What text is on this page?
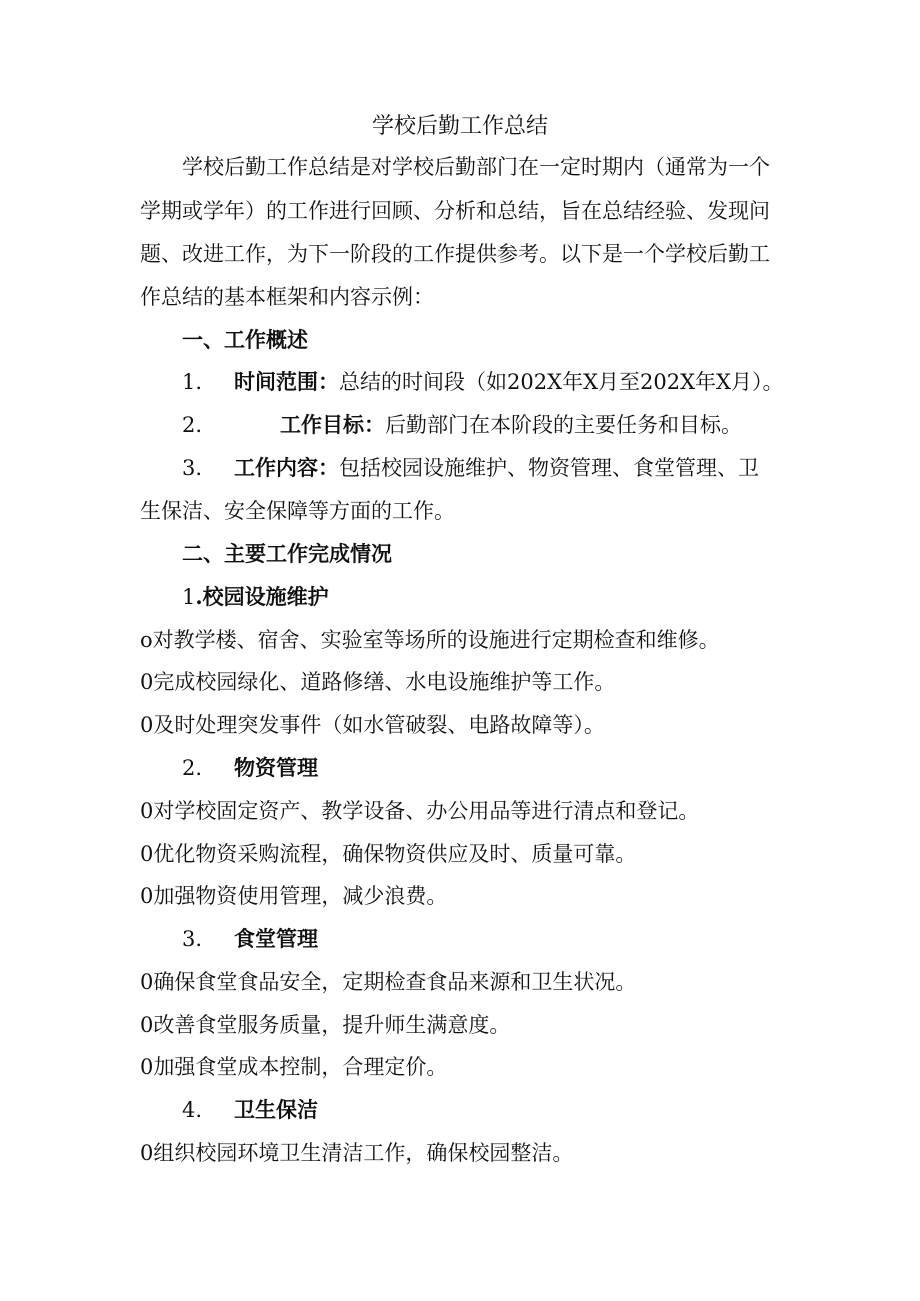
学校后勤工作总结
学校后勤工作总结是对学校后勤部门在一定时期内（通常为一个
学期或学年）的工作进行回顾、分析和总结，旨在总结经验、发现问
题、改进工作，为下一阶段的工作提供参考。以下是一个学校后勤工
作总结的基本框架和内容示例：
一、工作概述
1. 时间范围：总结的时间段（如202X年X月至202X年X月）。
2.	工作目标：后勤部门在本阶段的主要任务和目标。
3. 工作内容：包括校园设施维护、物资管理、食堂管理、卫
生保洁、安全保障等方面的工作。
二、主要工作完成情况
1.校园设施维护
o对教学楼、宿舍、实验室等场所的设施进行定期检查和维修。
0完成校园绿化、道路修缮、水电设施维护等工作。
0及时处理突发事件（如水管破裂、电路故障等）。
2. 物资管理
0对学校固定资产、教学设备、办公用品等进行清点和登记。
0优化物资采购流程，确保物资供应及时、质量可靠。
0加强物资使用管理，减少浪费。
3. 食堂管理
0确保食堂食品安全，定期检查食品来源和卫生状况。
0改善食堂服务质量，提升师生满意度。
0加强食堂成本控制，合理定价。
4. 卫生保洁
0组织校园环境卫生清洁工作，确保校园整洁。
